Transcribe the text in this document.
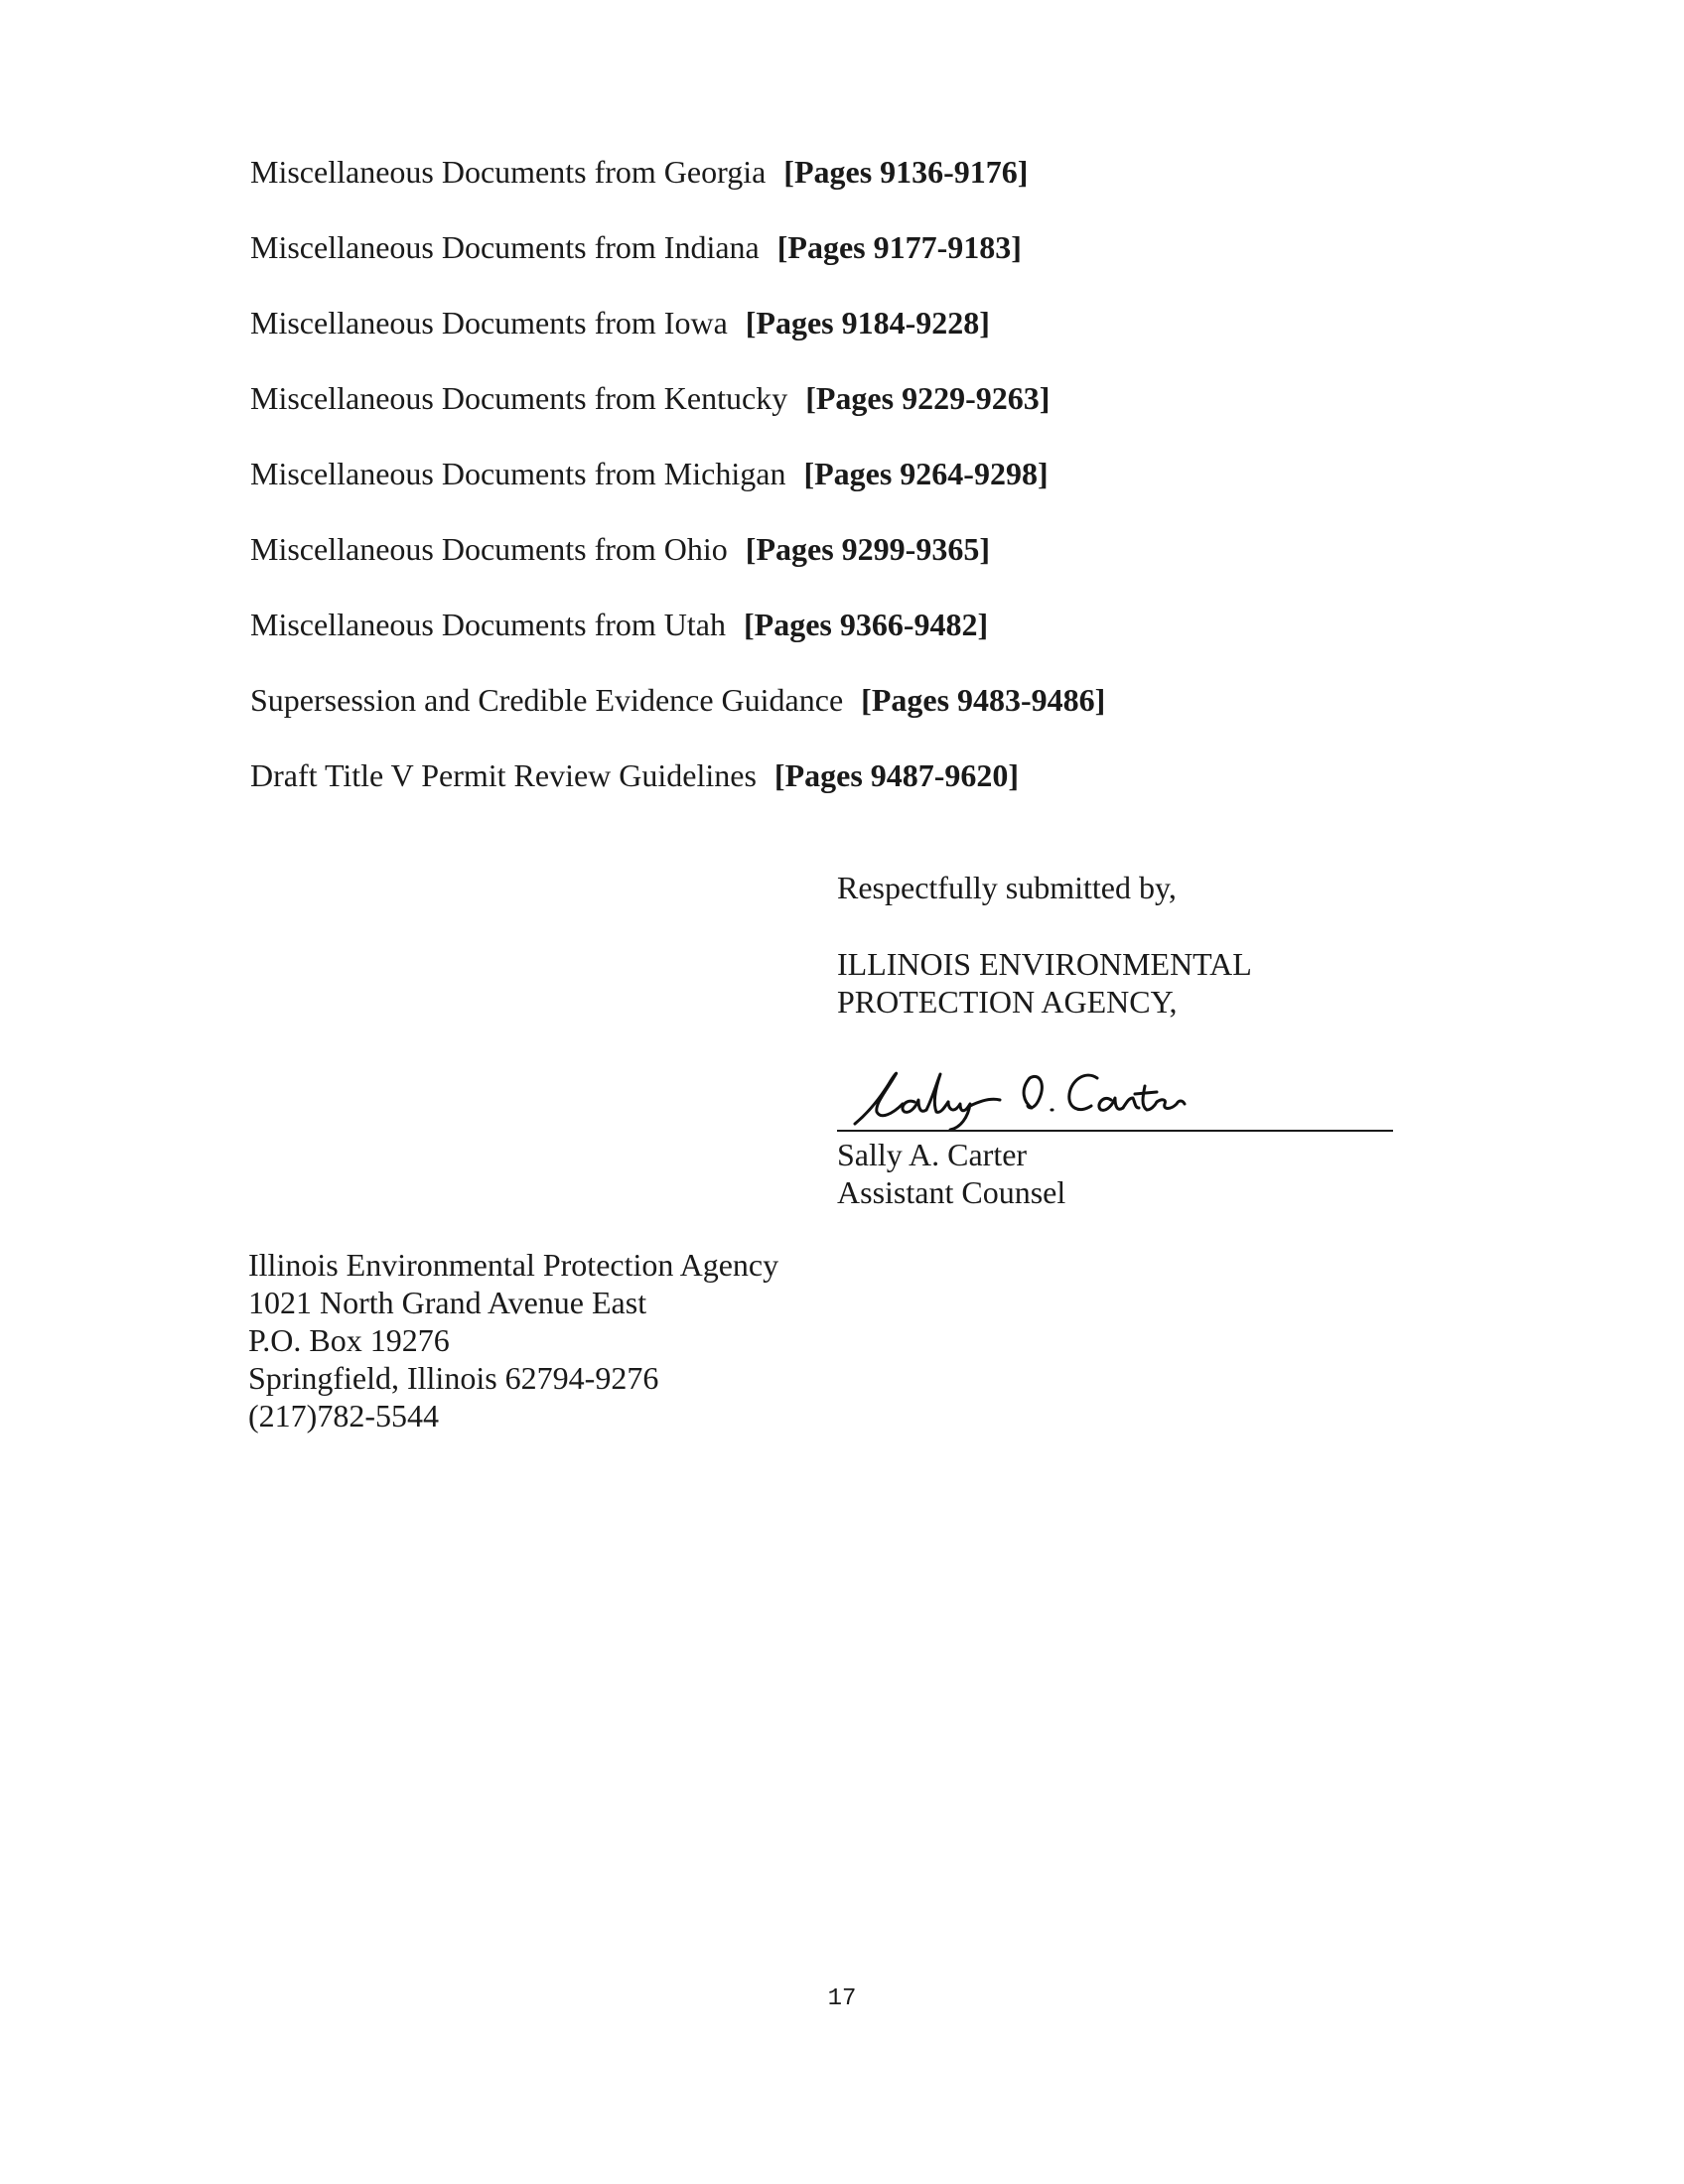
Miscellaneous Documents from Georgia [Pages 9136-9176]
Miscellaneous Documents from Indiana [Pages 9177-9183]
Miscellaneous Documents from Iowa [Pages 9184-9228]
Miscellaneous Documents from Kentucky [Pages 9229-9263]
Miscellaneous Documents from Michigan [Pages 9264-9298]
Miscellaneous Documents from Ohio [Pages 9299-9365]
Miscellaneous Documents from Utah [Pages 9366-9482]
Supersession and Credible Evidence Guidance [Pages 9483-9486]
Draft Title V Permit Review Guidelines [Pages 9487-9620]
Respectfully submitted by,
ILLINOIS ENVIRONMENTAL
PROTECTION AGENCY,
Sally A. Carter
Assistant Counsel
Illinois Environmental Protection Agency
1021 North Grand Avenue East
P.O. Box 19276
Springfield, Illinois 62794-9276
(217)782-5544
17
